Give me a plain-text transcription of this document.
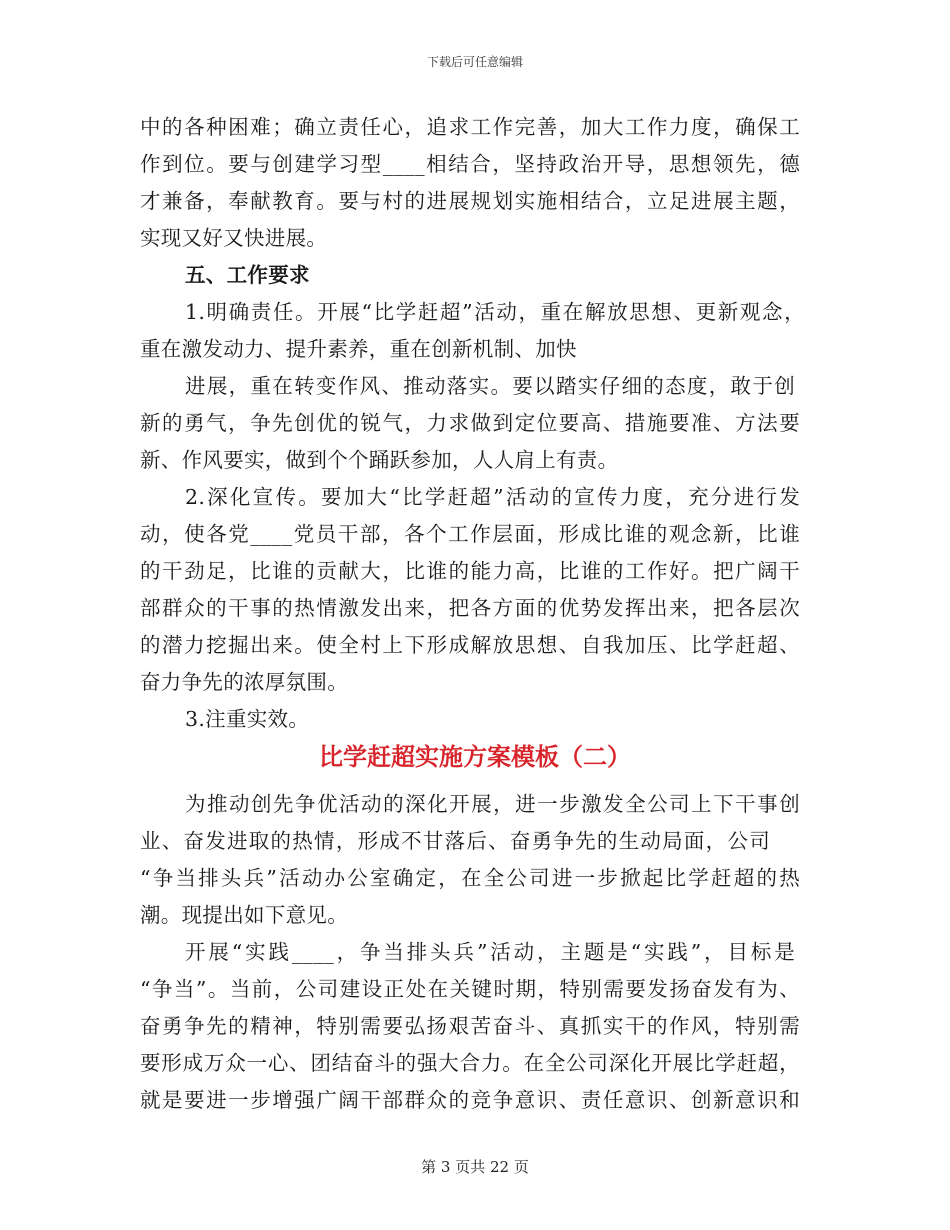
下载后可任意编辑
中的各种困难；确立责任心，追求工作完善，加大工作力度，确保工
作到位。要与创建学习型____相结合，坚持政治开导，思想领先，德
才兼备，奉献教育。要与村的进展规划实施相结合，立足进展主题，
实现又好又快进展。
五、工作要求
1.明确责任。开展“比学赶超”活动，重在解放思想、更新观念，
重在激发动力、提升素养，重在创新机制、加快
进展，重在转变作风、推动落实。要以踏实仔细的态度，敢于创
新的勇气，争先创优的锐气，力求做到定位要高、措施要准、方法要
新、作风要实，做到个个踊跃参加，人人肩上有责。
2.深化宣传。要加大“比学赶超”活动的宣传力度，充分进行发
动，使各党____党员干部，各个工作层面，形成比谁的观念新，比谁
的干劲足，比谁的贡献大，比谁的能力高，比谁的工作好。把广阔干
部群众的干事的热情激发出来，把各方面的优势发挥出来，把各层次
的潜力挖掘出来。使全村上下形成解放思想、自我加压、比学赶超、
奋力争先的浓厚氛围。
3.注重实效。
比学赶超实施方案模板（二）
为推动创先争优活动的深化开展，进一步激发全公司上下干事创
业、奋发进取的热情，形成不甘落后、奋勇争先的生动局面，公司
“争当排头兵”活动办公室确定，在全公司进一步掀起比学赶超的热
潮。现提出如下意见。
开展“实践____，争当排头兵”活动，主题是“实践”，目标是
“争当”。当前，公司建设正处在关键时期，特别需要发扬奋发有为、
奋勇争先的精神，特别需要弘扬艰苦奋斗、真抓实干的作风，特别需
要形成万众一心、团结奋斗的强大合力。在全公司深化开展比学赶超，
就是要进一步增强广阔干部群众的竞争意识、责任意识、创新意识和
第 3 页共 22 页
